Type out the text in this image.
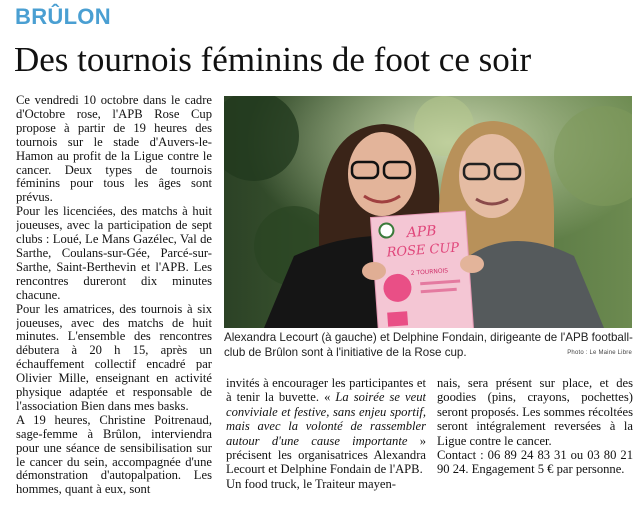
BRÛLON
Des tournois féminins de foot ce soir

Ce vendredi 10 octobre dans le cadre d'Octobre rose, l'APB Rose Cup propose à partir de 19 heures des tournois sur le stade d'Auvers-le-Hamon au profit de la Ligue contre le cancer. Deux types de tournois féminins pour tous les âges sont prévus.

Pour les licenciées, des matchs à huit joueuses, avec la participation de sept clubs : Loué, Le Mans Gazélec, Val de Sarthe, Coulans-sur-Gée, Parcé-sur-Sarthe, Saint-Berthevin et l'APB. Les rencontres dureront dix minutes chacune.

Pour les amatrices, des tournois à six joueuses, avec des matchs de huit minutes. L'ensemble des rencontres débutera à 20 h 15, après un échauffement collectif encadré par Olivier Mille, enseignant en activité physique adaptée et responsable de l'association Bien dans mes basks.

A 19 heures, Christine Poitrenaud, sage-femme à Brûlon, interviendra pour une séance de sensibilisation sur le cancer du sein, accompagnée d'une démonstration d'autopalpation. Les hommes, quant à eux, sont

APB
ROSE CUP
2 TOURNOIS
Alexandra Lecourt (à gauche) et Delphine Fondain, dirigeante de l'APB football-club de Brûlon sont à l'initiative de la Rose cup.	Photo : Le Maine Libre

invités à encourager les participantes et à tenir la buvette. « La soirée se veut conviviale et festive, sans enjeu sportif, mais avec la volonté de rassembler autour d'une cause importante » précisent les organisatrices Alexandra Lecourt et Delphine Fondain de l'APB.

Un food truck, le Traiteur mayen-

nais, sera présent sur place, et des goodies (pins, crayons, pochettes) seront proposés. Les sommes récoltées seront intégralement reversées à la Ligue contre le cancer.

Contact : 06 89 24 83 31 ou 03 80 21 90 24. Engagement 5 € par personne.
